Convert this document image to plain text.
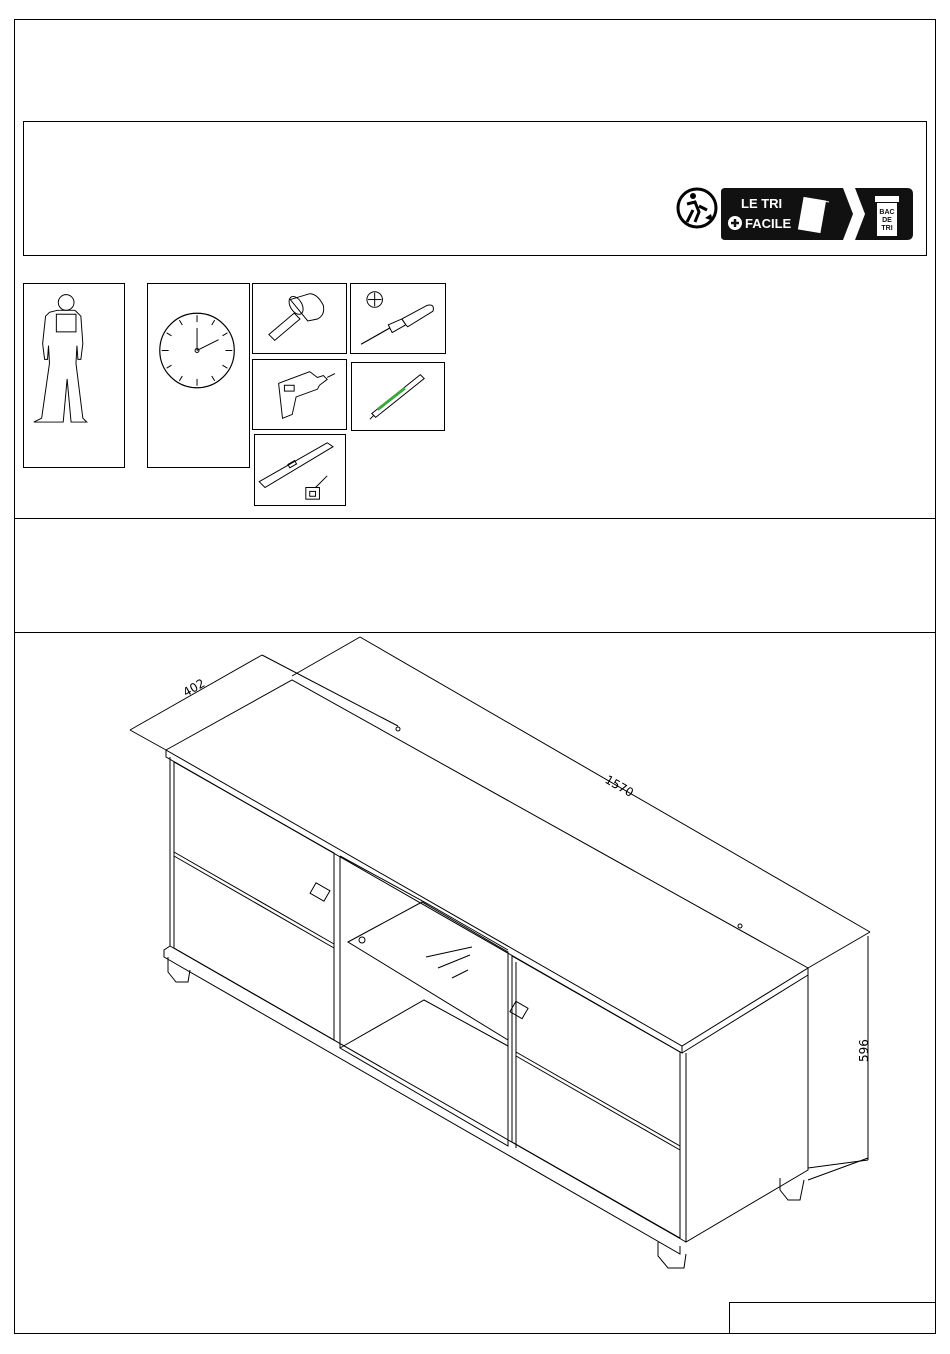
LE TRI
FACILE
BAC
DE
TRI
402
1570
596
